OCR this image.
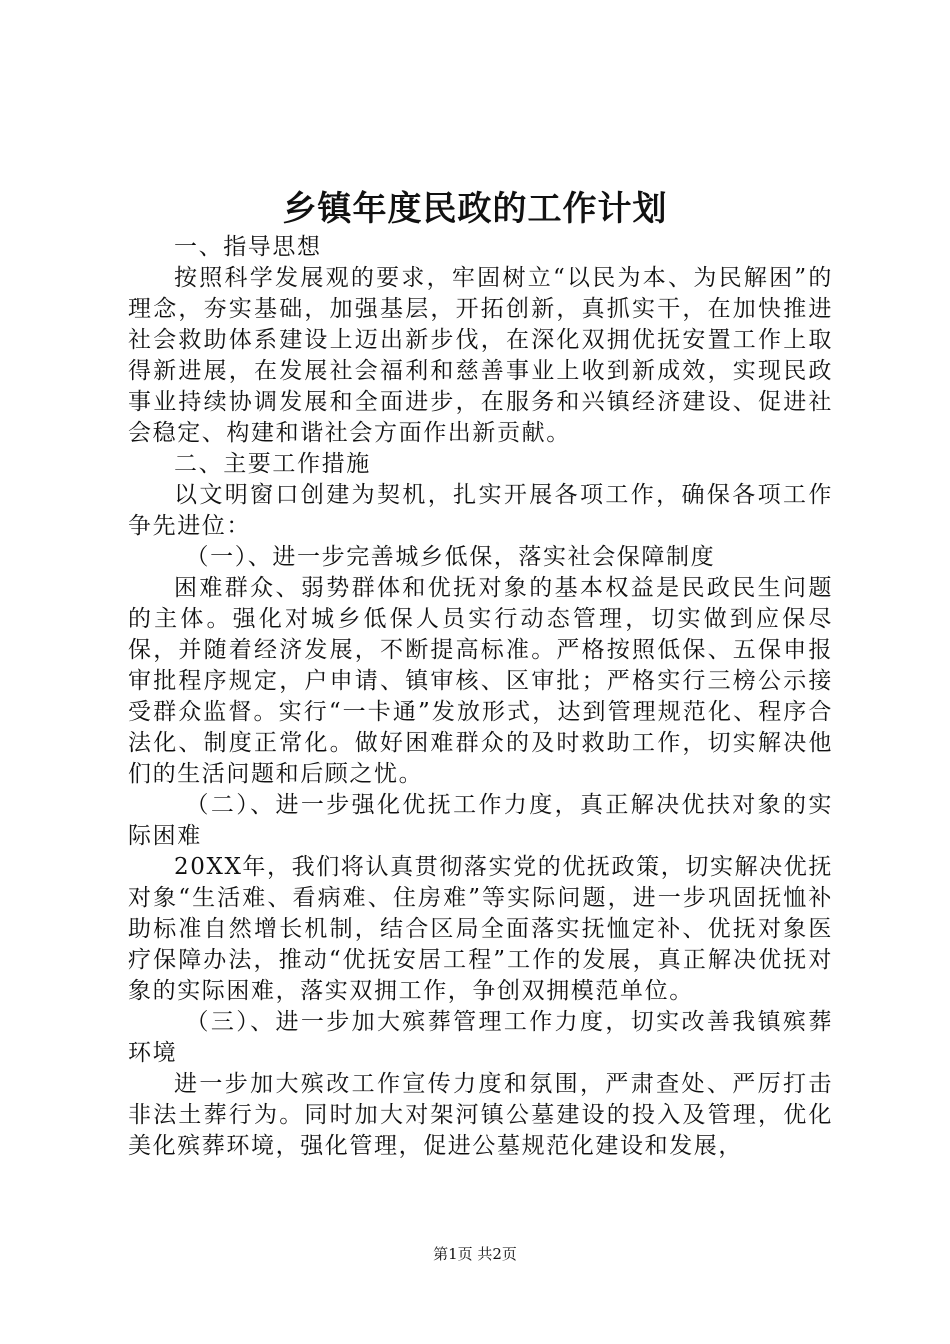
乡镇年度民政的工作计划

一、指导思想

按照科学发展观的要求，牢固树立“以民为本、为民解困”的理念，夯实基础，加强基层，开拓创新，真抓实干，在加快推进社会救助体系建设上迈出新步伐，在深化双拥优抚安置工作上取得新进展，在发展社会福利和慈善事业上收到新成效，实现民政事业持续协调发展和全面进步，在服务和兴镇经济建设、促进社会稳定、构建和谐社会方面作出新贡献。

二、主要工作措施

以文明窗口创建为契机，扎实开展各项工作，确保各项工作争先进位：

（一）、进一步完善城乡低保，落实社会保障制度

困难群众、弱势群体和优抚对象的基本权益是民政民生问题的主体。强化对城乡低保人员实行动态管理，切实做到应保尽保，并随着经济发展，不断提高标准。严格按照低保、五保申报审批程序规定，户申请、镇审核、区审批；严格实行三榜公示接受群众监督。实行“一卡通”发放形式，达到管理规范化、程序合法化、制度正常化。做好困难群众的及时救助工作，切实解决他们的生活问题和后顾之忧。

（二）、进一步强化优抚工作力度，真正解决优扶对象的实际困难

20XX年，我们将认真贯彻落实党的优抚政策，切实解决优抚对象“生活难、看病难、住房难”等实际问题，进一步巩固抚恤补助标准自然增长机制，结合区局全面落实抚恤定补、优抚对象医疗保障办法，推动“优抚安居工程”工作的发展，真正解决优抚对象的实际困难，落实双拥工作，争创双拥模范单位。

（三）、进一步加大殡葬管理工作力度，切实改善我镇殡葬环境

进一步加大殡改工作宣传力度和氛围，严肃查处、严厉打击非法土葬行为。同时加大对架河镇公墓建设的投入及管理，优化美化殡葬环境，强化管理，促进公墓规范化建设和发展，

第1页 共2页
